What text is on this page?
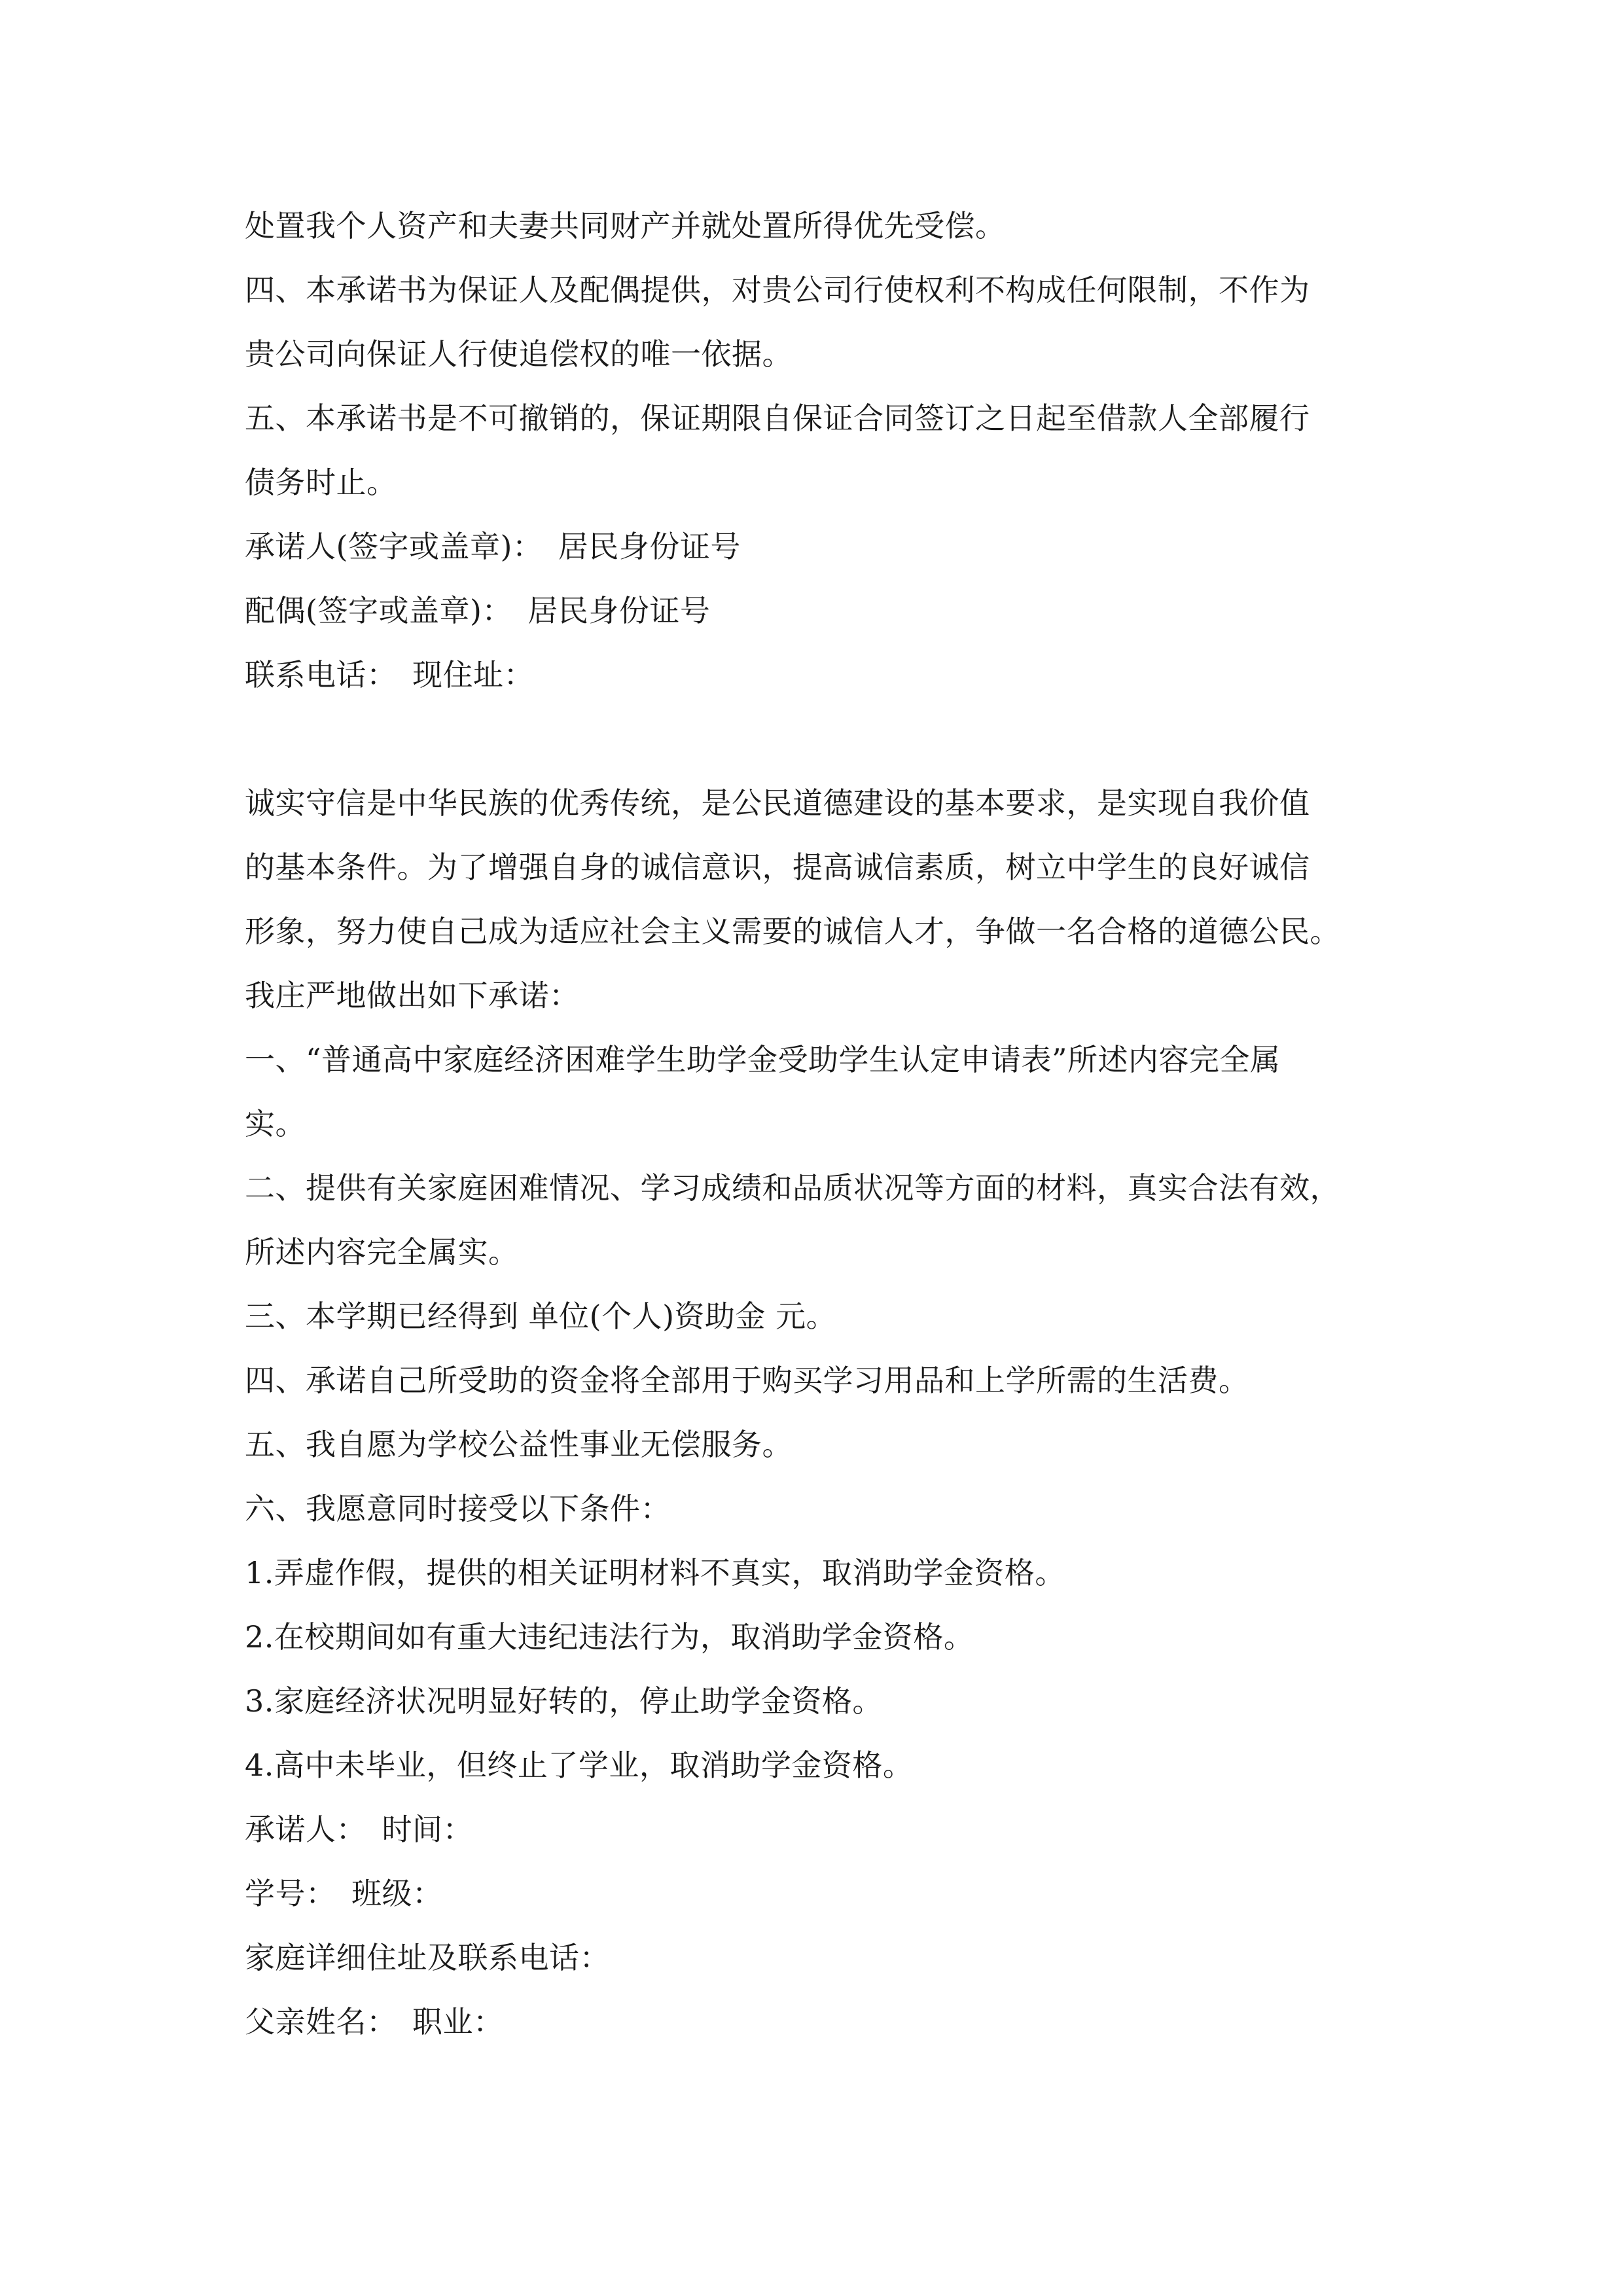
处置我个人资产和夫妻共同财产并就处置所得优先受偿。
四、本承诺书为保证人及配偶提供，对贵公司行使权利不构成任何限制，不作为
贵公司向保证人行使追偿权的唯一依据。
五、本承诺书是不可撤销的，保证期限自保证合同签订之日起至借款人全部履行
债务时止。
承诺人(签字或盖章)：　居民身份证号
配偶(签字或盖章)：　居民身份证号
联系电话：　现住址：
诚实守信是中华民族的优秀传统，是公民道德建设的基本要求，是实现自我价值
的基本条件。为了增强自身的诚信意识，提高诚信素质，树立中学生的良好诚信
形象，努力使自己成为适应社会主义需要的诚信人才，争做一名合格的道德公民。
我庄严地做出如下承诺：
一、“普通高中家庭经济困难学生助学金受助学生认定申请表”所述内容完全属
实。
二、提供有关家庭困难情况、学习成绩和品质状况等方面的材料，真实合法有效，
所述内容完全属实。
三、本学期已经得到 单位(个人)资助金 元。
四、承诺自己所受助的资金将全部用于购买学习用品和上学所需的生活费。
五、我自愿为学校公益性事业无偿服务。
六、我愿意同时接受以下条件：
1.弄虚作假，提供的相关证明材料不真实，取消助学金资格。
2.在校期间如有重大违纪违法行为，取消助学金资格。
3.家庭经济状况明显好转的，停止助学金资格。
4.高中未毕业，但终止了学业，取消助学金资格。
承诺人：　时间：
学号：　班级：
家庭详细住址及联系电话：
父亲姓名：　职业：
